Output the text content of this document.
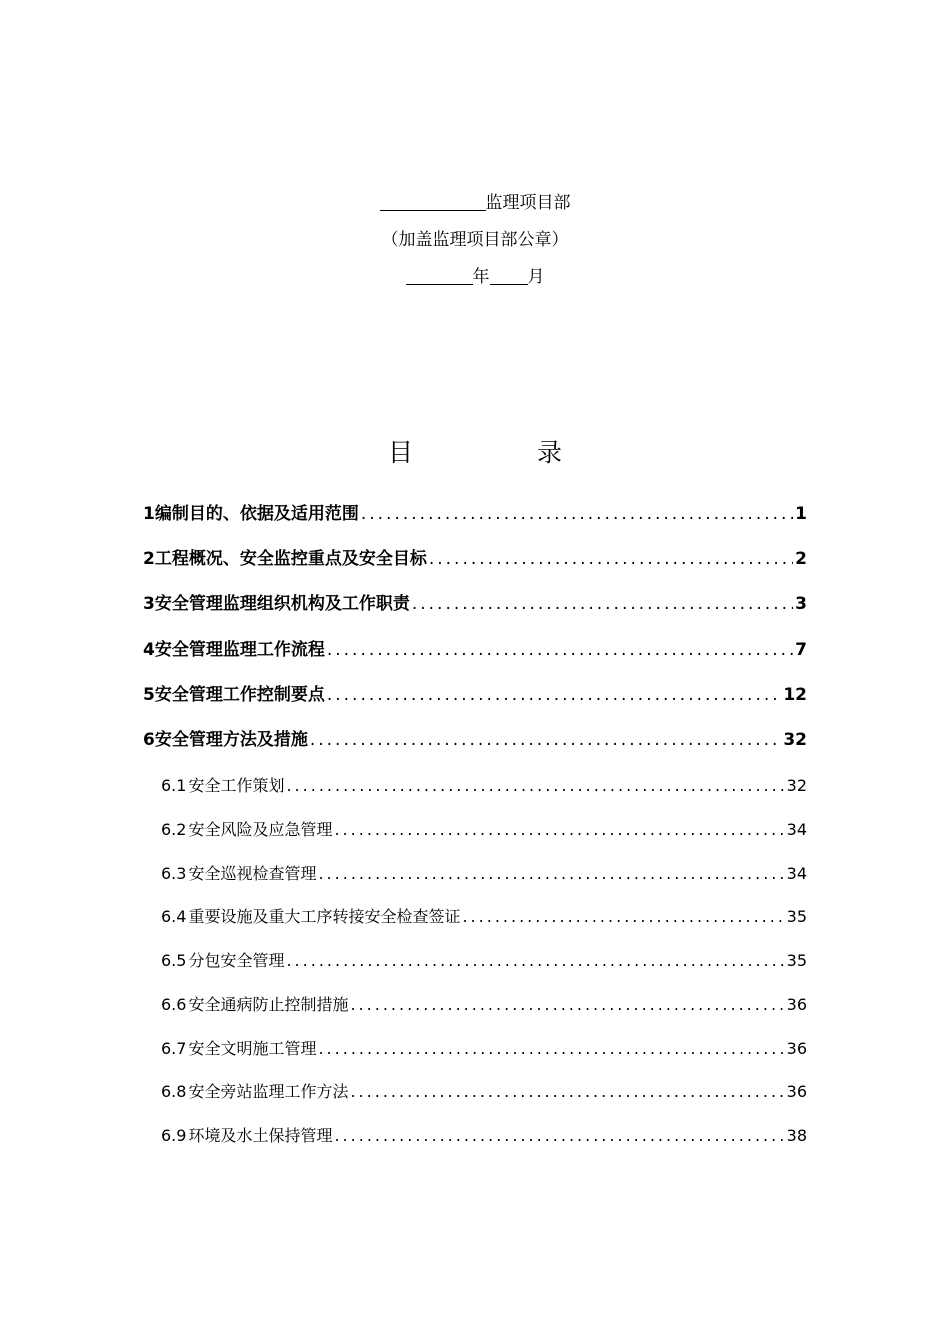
监理项目部
（加盖监理项目部公章）
年 月
目	录
1 编制目的、依据及适用范围 .....	1
2 工程概况、安全监控重点及安全目标 .....	2
3 安全管理监理组织机构及工作职责 .....	3
4 安全管理监理工作流程 .....	7
5 安全管理工作控制要点 .....	12
6 安全管理方法及措施 .....	32
6.1 安全工作策划 .....	32
6.2 安全风险及应急管理 .....	34
6.3 安全巡视检查管理 .....	34
6.4 重要设施及重大工序转接安全检查签证 .....	35
6.5 分包安全管理 .....	35
6.6 安全通病防止控制措施 .....	36
6.7 安全文明施工管理 .....	36
6.8 安全旁站监理工作方法 .....	36
6.9 环境及水土保持管理 .....	38
